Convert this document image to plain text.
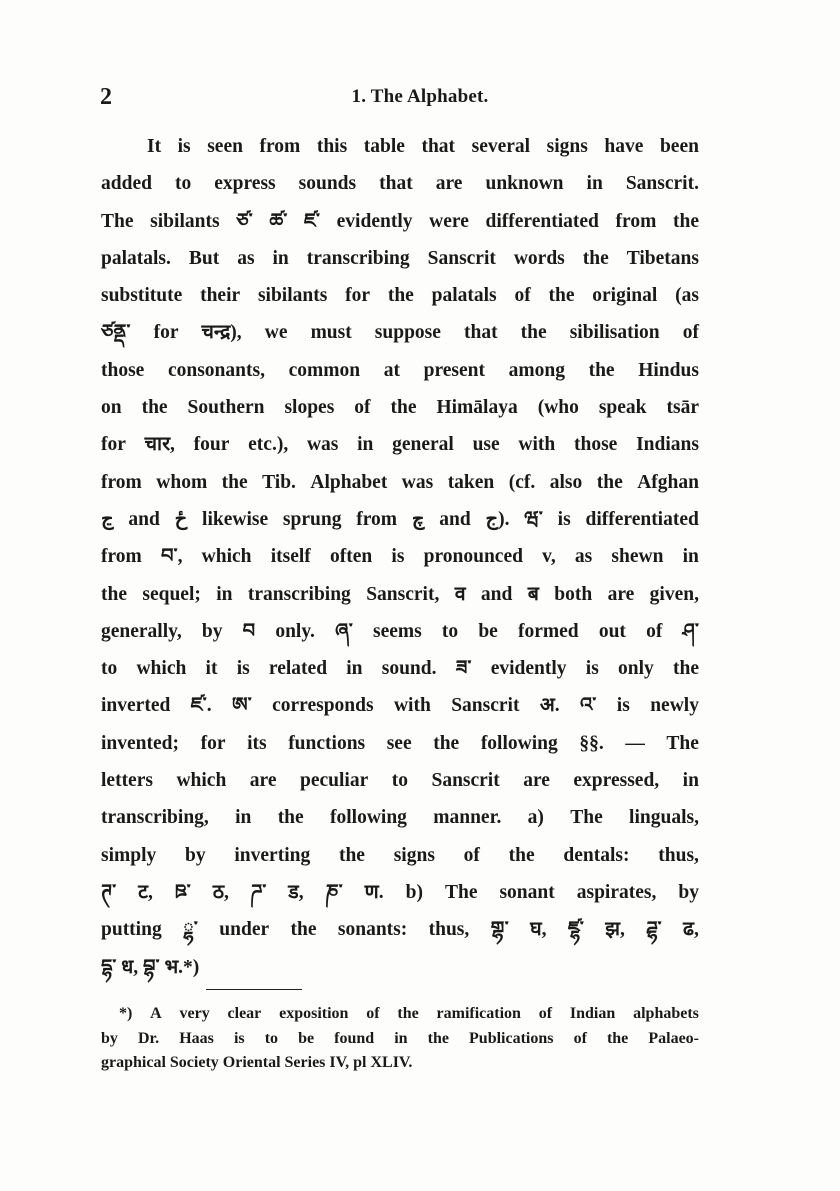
2	1. The Alphabet.
It is seen from this table that several signs have been
added to express sounds that are unknown in Sanscrit.
The sibilants ཙ་ ཚ་ ཛ་ evidently were differentiated from the
palatals. But as in transcribing Sanscrit words the Tibetans
substitute their sibilants for the palatals of the original (as
ཙནྡ་ for चन्द्र), we must suppose that the sibilisation of
those consonants, common at present among the Hindus
on the Southern slopes of the Himālaya (who speak tsār
for चार, four etc.), was in general use with those Indians
from whom the Tib. Alphabet was taken (cf. also the Afghan
ڃ and ځ likewise sprung from چ and ج). ཝ་ is differentiated
from བ་, which itself often is pronounced v, as shewn in
the sequel; in transcribing Sanscrit, व and ब both are given,
generally, by བ only. ཞ་ seems to be formed out of ཤ་
to which it is related in sound. ཟ་ evidently is only the
inverted ཛ་. ཨ་ corresponds with Sanscrit अ. འ་ is newly
invented; for its functions see the following §§. — The
letters which are peculiar to Sanscrit are expressed, in
transcribing, in the following manner. a) The linguals,
simply by inverting the signs of the dentals: thus,
ཊ་ ट, ཋ་ ठ, ཌ་ ड, ཎ་ ण. b) The sonant aspirates, by
putting ྷ་ under the sonants: thus, གྷ་ घ, ཛྷ་ झ, ཌྷ་ ढ,
དྷ་ ध, བྷ་ भ.*)
*) A very clear exposition of the ramification of Indian alphabets
by Dr. Haas is to be found in the Publications of the Palaeo-
graphical Society Oriental Series IV, pl XLIV.
